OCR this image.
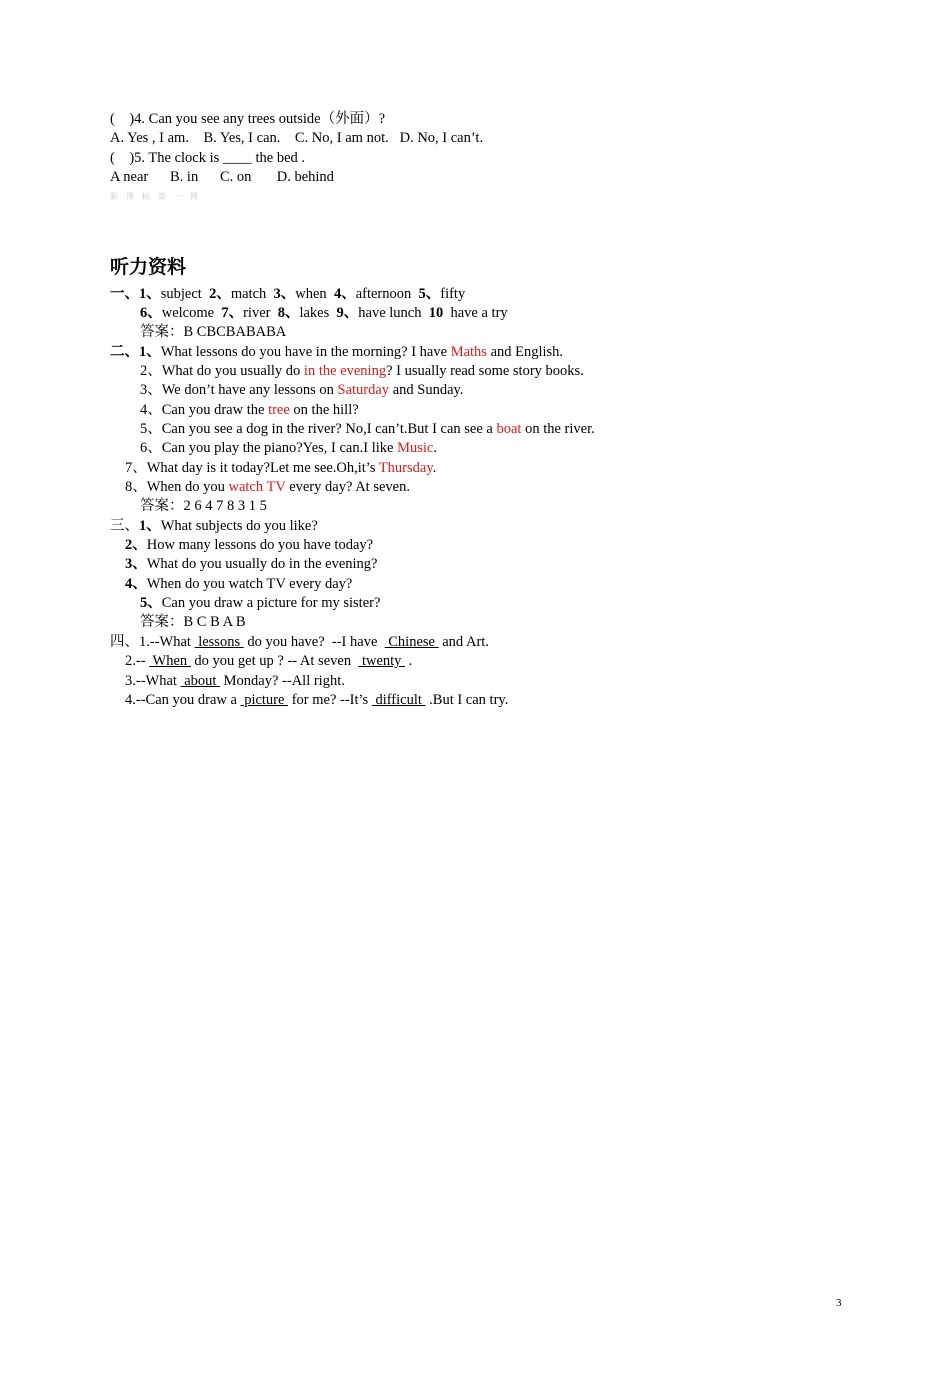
(    )4. Can you see any trees outside（外面）?
A. Yes , I am.    B. Yes, I can.    C. No, I am not.   D. No, I can’t.
(    )5. The clock is ____ the bed .
A near      B. in      C. on       D. behind
新 课 标 第 一 网
听力资料
一、1、subject  2、match  3、when  4、afternoon  5、fifty
6、welcome  7、river  8、lakes  9、have lunch  10  have a try
答案：B CBCBABABA
二、1、What lessons do you have in the morning? I have Maths and English.
2、What do you usually do in the evening? I usually read some story books.
3、We don’t have any lessons on Saturday and Sunday.
4、Can you draw the tree on the hill?
5、Can you see a dog in the river? No,I can’t.But I can see a boat on the river.
6、Can you play the piano?Yes, I can.I like Music.
7、What day is it today?Let me see.Oh,it’s Thursday.
8、When do you watch TV every day? At seven.
答案：2 6 4 7 8 3 1 5
三、1、What subjects do you like?
2、How many lessons do you have today?
3、What do you usually do in the evening?
4、When do you watch TV every day?
5、Can you draw a picture for my sister?
答案：B C B A B
四、1.--What  lessons  do you have?  --I have   Chinese  and Art.
2.--  When  do you get up ? -- At seven   twenty  .
3.--What  about  Monday? --All right.
4.--Can you draw a  picture  for me? --It’s  difficult  .But I can try.
3
